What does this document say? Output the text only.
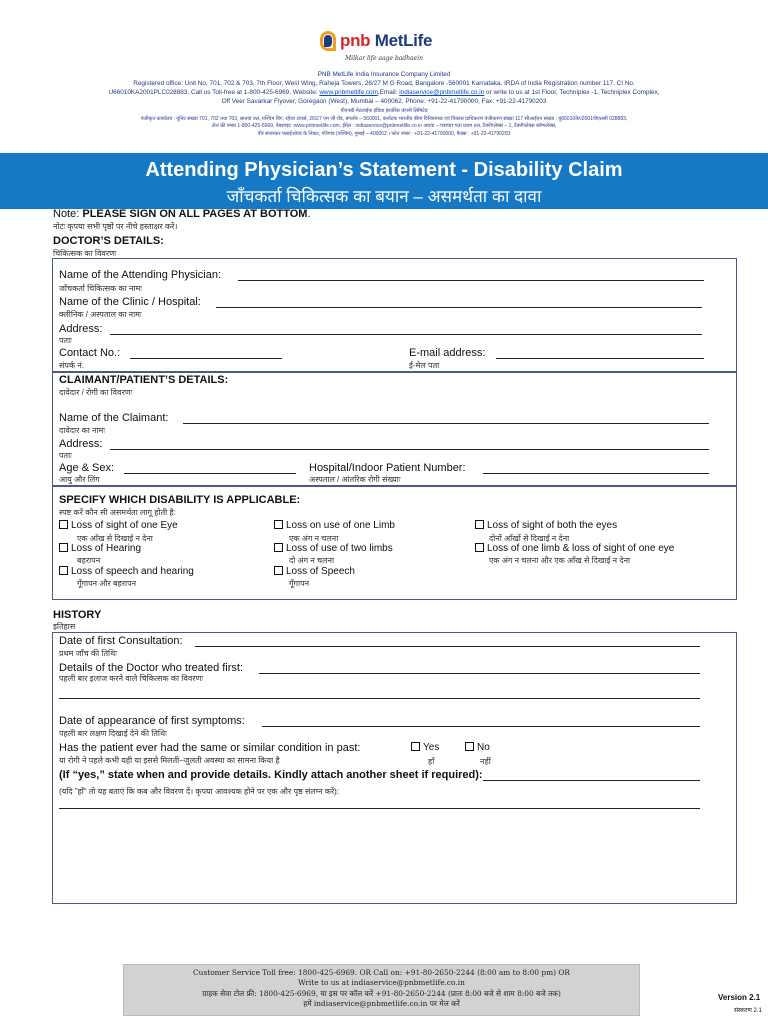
pnb MetLife
Milkar life aage badhaein
PNB MetLife India Insurance Company Limited
Registered office: Unit No. 701, 702 & 703, 7th Floor, West Wing, Raheja Towers, 26/27 M G Road, Bangalore -560001 Karnataka. IRDA of India Registration number 117. CI No.
U66010KA2001PLC028883, Call us Toll-free at 1-800-425-6969, Website: www.pnbmetlife.com,Email: indiaservice@pnbmetlife.co.in or write to us at 1st Floor, Techniplex -1, Techniplex Complex,
Off Veer Savarkar Flyover, Goregaon (West), Mumbai – 400062. Phone: +91-22-41790000, Fax: +91-22-41790203
पीएनबी मेटलाईफ इंडिया इंश्योरेंस कंपनी लिमिटेड
पंजीकृत कार्यालय : यूनिट संख्या 701, 702 तथा 703, सातवां तल, पश्चिम विंग, रहेजा टावर्स, 26/27 एम जी रोड, बंगलोर – 560001, कर्नाटक भारतीय बीमा विनियामक एवं विकास प्राधिकरण पंजीकरण संख्या 117 सीआईएन संख्या : यू66010केए2001पीएलसी 028883,
टोल फ्री नम्बर 1-800-425-6969, वेबसाइट :www.pnbmetlife.com, ईमेल : indiaservice@pnbmetlife.co.in अथवा – पत्राचार पता प्रथम तल, टैक्नीप्लेक्स – 1, टैक्नीप्लेक्स कॉम्पलेक्स,
वीर सावरकर फ्लाईओवर के निकट, गोरेगांव (पश्चिम), मुम्बई – 400062 । फोन नम्बर : +91-22-41790000, फैक्स : +91-22-41790203
Attending Physician’s Statement - Disability Claim
जाँचकर्ता चिकित्सक का बयान – असमर्थता का दावा
Note: PLEASE SIGN ON ALL PAGES AT BOTTOM.
नोटः कृपया सभी पृष्ठों पर नीचे हस्ताक्षर करें।
DOCTOR’S DETAILS:
चिकित्सक का विवरणः
Name of the Attending Physician:
जाँचकर्ता चिकित्सक का नामः
Name of the Clinic / Hospital:
क्लीनिक / अस्पताल का नामः
Address:
पताः
Contact No.:
संपर्क नं.
E-mail address:
ई-मेल पता
CLAIMANT/PATIENT’S DETAILS:
दावेदार / रोगी का विवरणः
Name of the Claimant:
दावेदार का नामः
Address:
पताः
Age & Sex:
आयु और लिंग
Hospital/Indoor Patient Number:
अस्पताल / आंतरिक रोगी संख्याः
SPECIFY WHICH DISABILITY IS APPLICABLE:
स्पष्ट करें कौन सी असमर्थता लागू होती है:
Loss of sight of one Eye
एक आँख से दिखाई न देना
Loss on use of one Limb
एक अंग न चलना
Loss of sight of both the eyes
दोनों आँखों से दिखाई न देना
Loss of Hearing
बहरापन
Loss of use of two limbs
दो अंग न चलना
Loss of one limb & loss of sight of one eye
एक अंग न चलना और एक आँख से दिखाई न देना
Loss of speech and hearing
गूँगापन और बहरापन
Loss of Speech
गूँगापन
HISTORY
इतिहास
Date of first Consultation:
प्रथम जाँच की तिथिः
Details of the Doctor who treated first:
पहली बार इलाज करने वाले चिकित्सक का विवरणः
Date of appearance of first symptoms:
पहली बार लक्षण दिखाई देने की तिथिः
Has the patient ever had the same or similar condition in past:
या रोगी ने पहले कभी यही या इससे मिलती–जुलती अवस्था का सामना किया है
Yes
हाँ
No
नहीं
(If “yes,” state when and provide details. Kindly attach another sheet if required):
(यदि ”हाँ“ तो यह बताएं कि कब और विवरण दें। कृपया आवश्यक होने पर एक और पृष्ठ संलग्न करें):
Customer Service Toll free: 1800-425-6969. OR Call on: +91-80-2650-2244 (8:00 am to 8:00 pm) OR
Write to us at indiaservice@pnbmetlife.co.in
ग्राहक सेवा टोल फ्री: 1800-425-6969, या इस पर कॉल करें +91-80-2650-2244 (प्रातः 8:00 बजे से शाम 8:00 बजे तक)
हमें indiaservice@pnbmetlife.co.in पर मेल करें
Version 2.1
संस्करण 2.1
